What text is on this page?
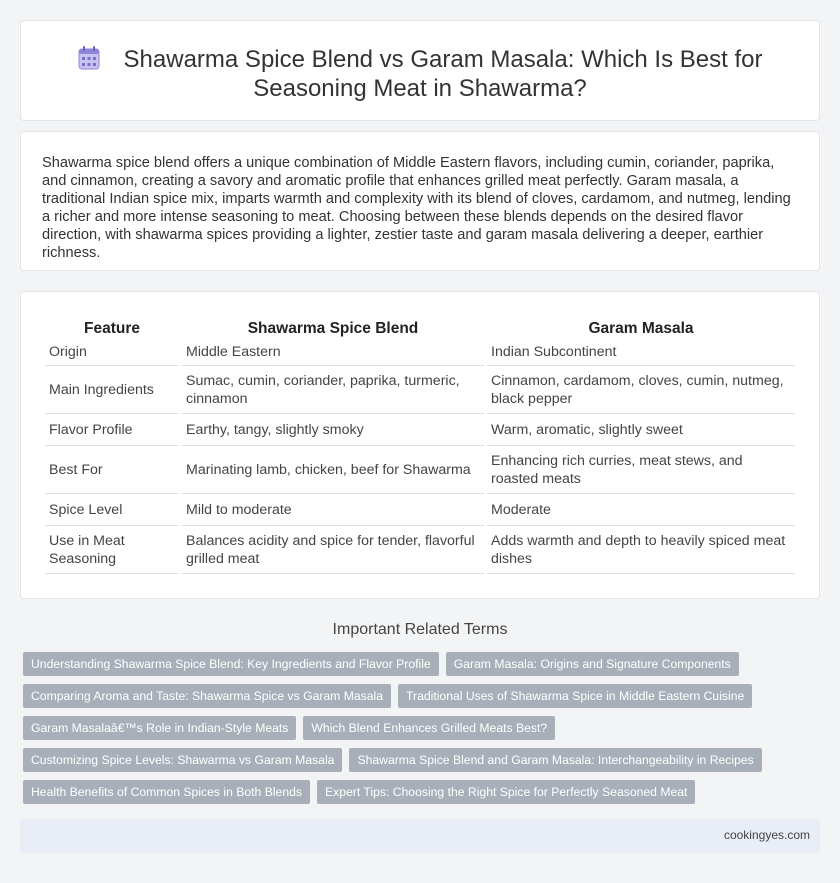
Shawarma Spice Blend vs Garam Masala: Which Is Best for Seasoning Meat in Shawarma?

Shawarma spice blend offers a unique combination of Middle Eastern flavors, including cumin, coriander, paprika, and cinnamon, creating a savory and aromatic profile that enhances grilled meat perfectly. Garam masala, a traditional Indian spice mix, imparts warmth and complexity with its blend of cloves, cardamom, and nutmeg, lending a richer and more intense seasoning to meat. Choosing between these blends depends on the desired flavor direction, with shawarma spices providing a lighter, zestier taste and garam masala delivering a deeper, earthier richness.

Feature	Shawarma Spice Blend	Garam Masala
Origin	Middle Eastern	Indian Subcontinent
Main Ingredients	Sumac, cumin, coriander, paprika, turmeric, cinnamon	Cinnamon, cardamom, cloves, cumin, nutmeg, black pepper
Flavor Profile	Earthy, tangy, slightly smoky	Warm, aromatic, slightly sweet
Best For	Marinating lamb, chicken, beef for Shawarma	Enhancing rich curries, meat stews, and roasted meats
Spice Level	Mild to moderate	Moderate
Use in Meat Seasoning	Balances acidity and spice for tender, flavorful grilled meat	Adds warmth and depth to heavily spiced meat dishes
Important Related Terms
Understanding Shawarma Spice Blend: Key Ingredients and Flavor Profile	Garam Masala: Origins and Signature Components
Comparing Aroma and Taste: Shawarma Spice vs Garam Masala	Traditional Uses of Shawarma Spice in Middle Eastern Cuisine
Garam Masalaâ€™s Role in Indian-Style Meats	Which Blend Enhances Grilled Meats Best?
Customizing Spice Levels: Shawarma vs Garam Masala	Shawarma Spice Blend and Garam Masala: Interchangeability in Recipes
Health Benefits of Common Spices in Both Blends	Expert Tips: Choosing the Right Spice for Perfectly Seasoned Meat
cookingyes.com
